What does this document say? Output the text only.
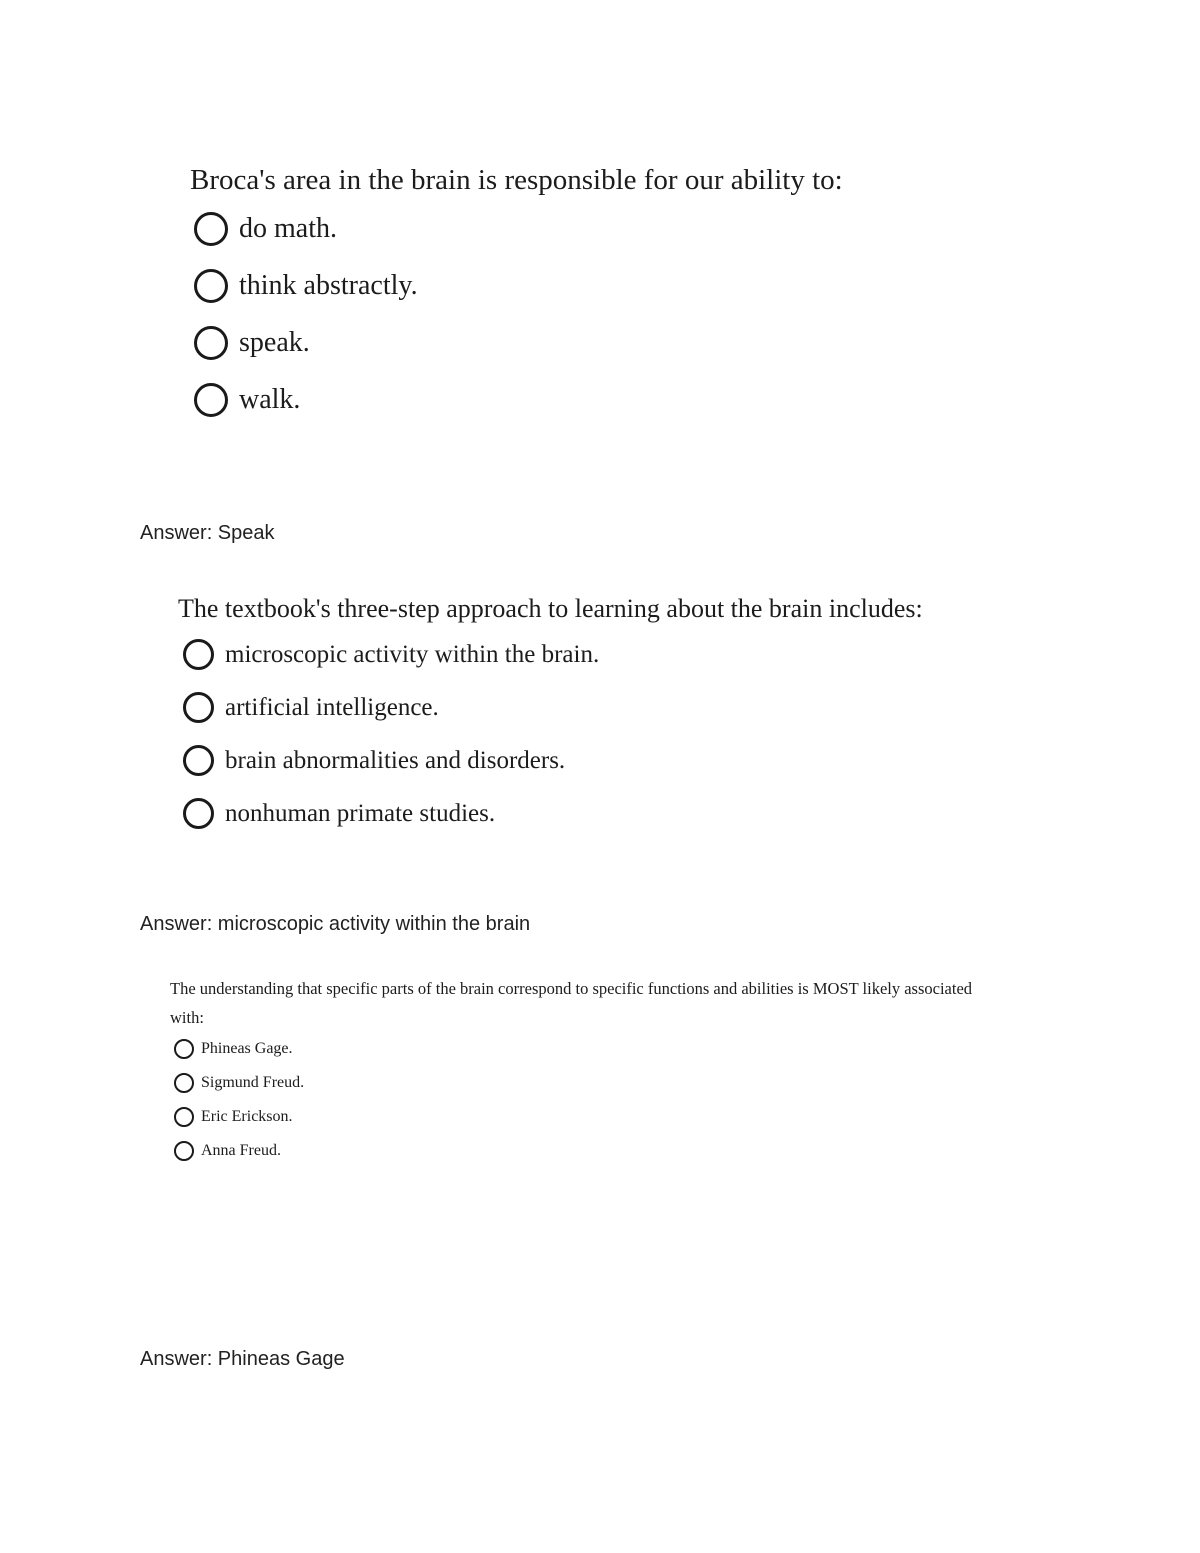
Broca's area in the brain is responsible for our ability to:

do math.
think abstractly.
speak.
walk.

Answer: Speak

The textbook's three-step approach to learning about the brain includes:

microscopic activity within the brain.
artificial intelligence.
brain abnormalities and disorders.
nonhuman primate studies.

Answer: microscopic activity within the brain

The understanding that specific parts of the brain correspond to specific functions and abilities is MOST likely associated with:

Phineas Gage.
Sigmund Freud.
Eric Erickson.
Anna Freud.

Answer: Phineas Gage
